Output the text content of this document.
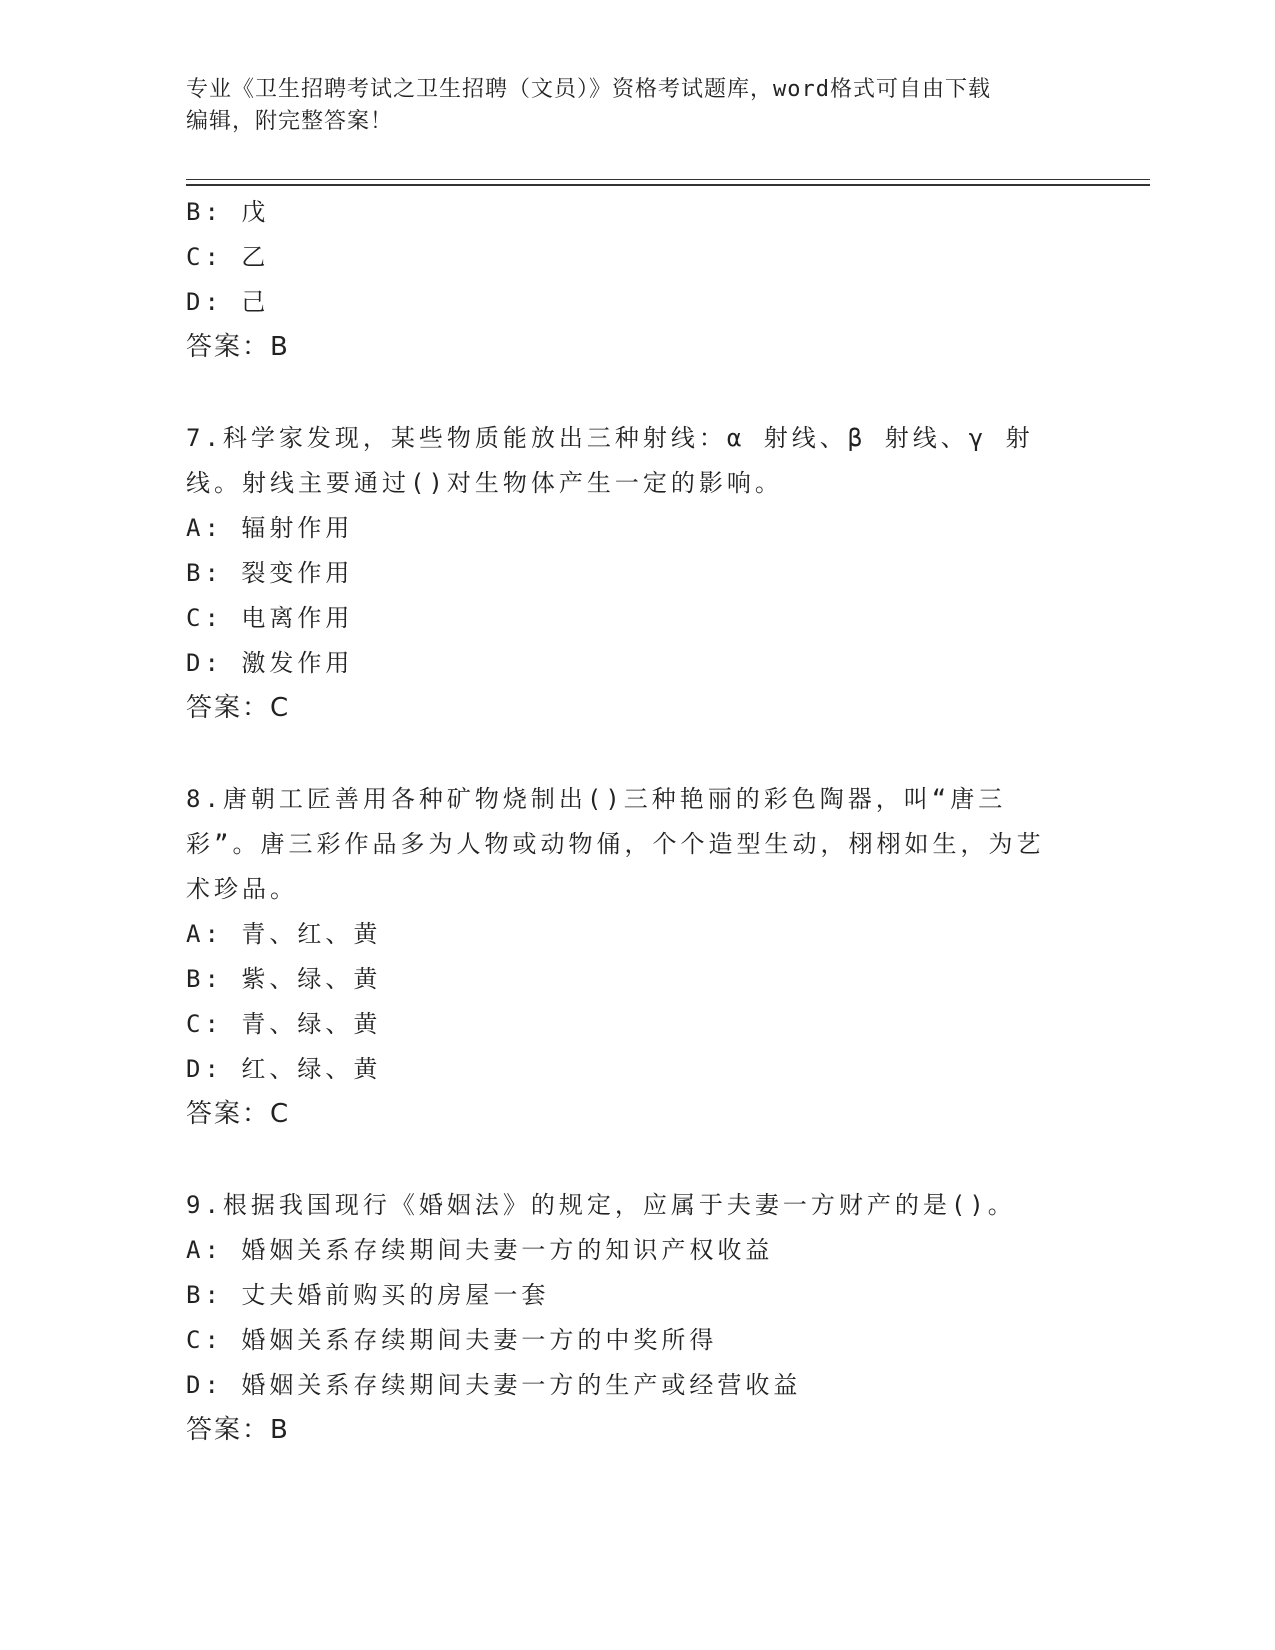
专业《卫生招聘考试之卫生招聘（文员）》资格考试题库，word格式可自由下载
编辑，附完整答案！
B: 戊
C: 乙
D: 己
答案：B
7.科学家发现，某些物质能放出三种射线：α 射线、β 射线、γ 射线。射线主要通过()对生物体产生一定的影响。
A: 辐射作用
B: 裂变作用
C: 电离作用
D: 激发作用
答案：C
8.唐朝工匠善用各种矿物烧制出()三种艳丽的彩色陶器，叫“唐三彩”。唐三彩作品多为人物或动物俑，个个造型生动，栩栩如生，为艺术珍品。
A: 青、红、黄
B: 紫、绿、黄
C: 青、绿、黄
D: 红、绿、黄
答案：C
9.根据我国现行《婚姻法》的规定，应属于夫妻一方财产的是()。
A: 婚姻关系存续期间夫妻一方的知识产权收益
B: 丈夫婚前购买的房屋一套
C: 婚姻关系存续期间夫妻一方的中奖所得
D: 婚姻关系存续期间夫妻一方的生产或经营收益
答案：B
